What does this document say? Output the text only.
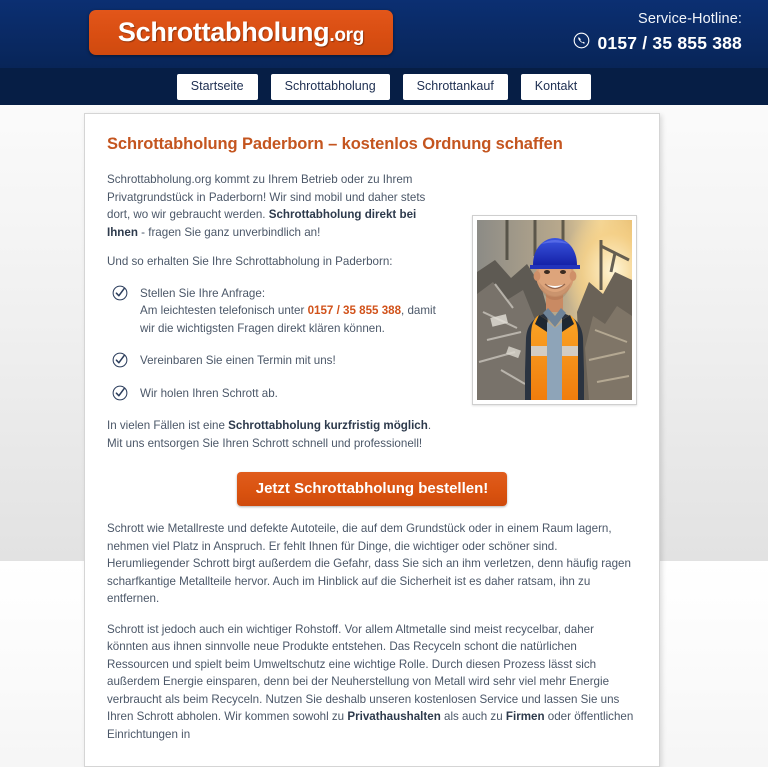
Schrottabholung.org
Service-Hotline:
0157 / 35 855 388
Startseite	Schrottabholung	Schrottankauf	Kontakt
Schrottabholung Paderborn – kostenlos Ordnung schaffen

Schrottabholung.org kommt zu Ihrem Betrieb oder zu Ihrem Privatgrundstück in Paderborn! Wir sind mobil und daher stets dort, wo wir gebraucht werden. Schrottabholung direkt bei Ihnen - fragen Sie ganz unverbindlich an!

Und so erhalten Sie Ihre Schrottabholung in Paderborn:

Stellen Sie Ihre Anfrage:
Am leichtesten telefonisch unter 0157 / 35 855 388, damit wir die wichtigsten Fragen direkt klären können.
Vereinbaren Sie einen Termin mit uns!
Wir holen Ihren Schrott ab.

In vielen Fällen ist eine Schrottabholung kurzfristig möglich. Mit uns entsorgen Sie Ihren Schrott schnell und professionell!

Jetzt Schrottabholung bestellen!

Schrott wie Metallreste und defekte Autoteile, die auf dem Grundstück oder in einem Raum lagern, nehmen viel Platz in Anspruch. Er fehlt Ihnen für Dinge, die wichtiger oder schöner sind. Herumliegender Schrott birgt außerdem die Gefahr, dass Sie sich an ihm verletzen, denn häufig ragen scharfkantige Metallteile hervor. Auch im Hinblick auf die Sicherheit ist es daher ratsam, ihn zu entfernen.

Schrott ist jedoch auch ein wichtiger Rohstoff. Vor allem Altmetalle sind meist recycelbar, daher könnten aus ihnen sinnvolle neue Produkte entstehen. Das Recyceln schont die natürlichen Ressourcen und spielt beim Umweltschutz eine wichtige Rolle. Durch diesen Prozess lässt sich außerdem Energie einsparen, denn bei der Neuherstellung von Metall wird sehr viel mehr Energie verbraucht als beim Recyceln. Nutzen Sie deshalb unseren kostenlosen Service und lassen Sie uns Ihren Schrott abholen. Wir kommen sowohl zu Privathaushalten als auch zu Firmen oder öffentlichen Einrichtungen in
